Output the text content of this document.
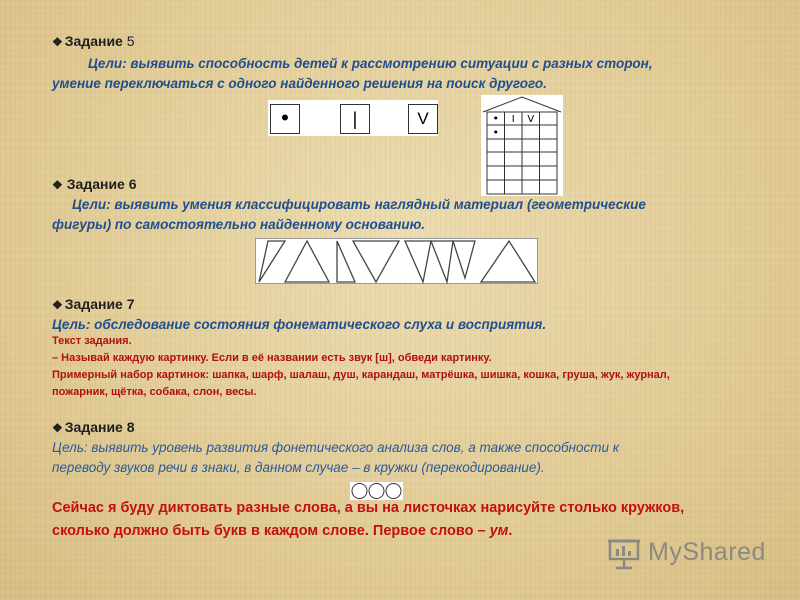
❖ Задание 5
Цели: выявить способность детей к рассмотрению ситуации с разных сторон,
умение переключаться с одного найденного решения на поиск другого.
•	|	V	• I V
•
❖ Задание 6
Цели: выявить умения классифицировать наглядный материал (геометрические
фигуры) по самостоятельно найденному основанию.
❖ Задание 7
Цель: обследование состояния фонематического слуха и восприятия.
Текст задания.
– Называй каждую картинку. Если в её названии есть звук [ш], обведи картинку.
Примерный набор картинок: шапка, шарф, шалаш, душ, карандаш, матрёшка, шишка, кошка, груша, жук, журнал,
пожарник, щётка, собака, слон, весы.
❖ Задание 8
Цель: выявить уровень развития фонетического анализа слов, а также способности к
переводу звуков речи в знаки, в данном случае – в кружки (перекодирование).
Сейчас я буду диктовать разные слова, а вы на листочках нарисуйте столько кружков,
сколько должно быть букв в каждом слове. Первое слово – ум.
MyShared
